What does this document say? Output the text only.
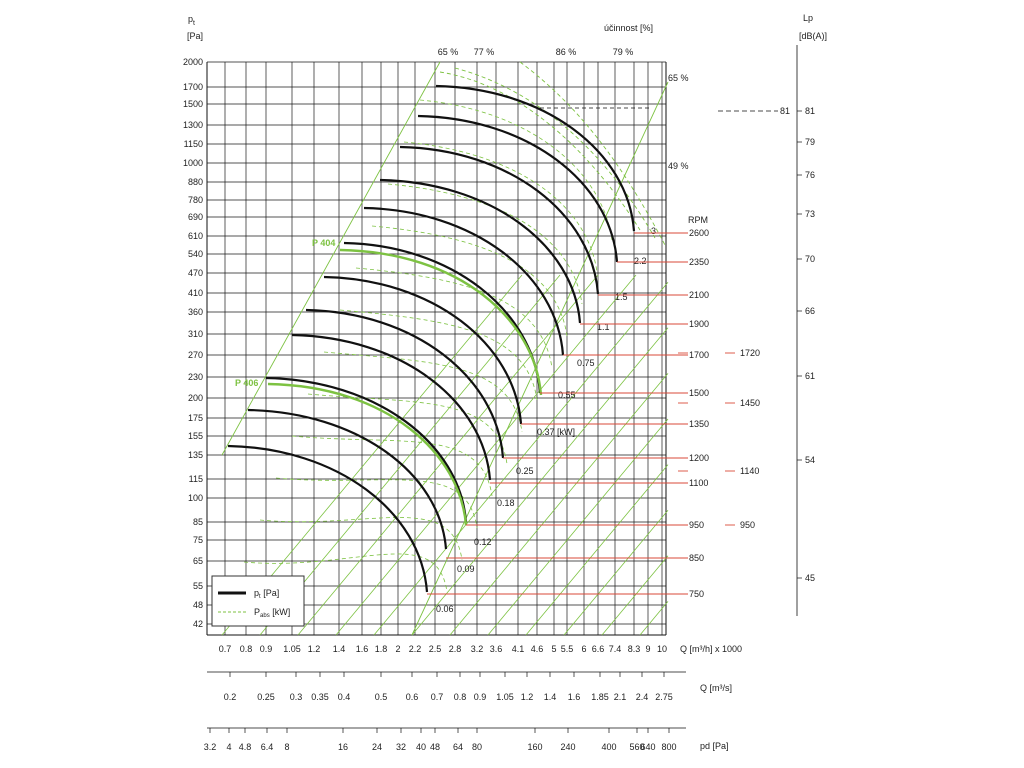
$p_t$
[Pa]
účinnost [%]
Lp
[dB(A)]
RPM
Q [m³/h] x 1000
Q [m³/s]
pd [Pa]
81
2000
1700
1500
1300
1150
1000
880
780
690
610
540
470
410
360
310
270
230
200
175
155
135
115
100
85
75
65
55
48
42
0.7 0.8 0.9 1.05 1.2 1.4 1.6 1.8 2 2.2 2.5 2.8 3.2 3.6 4.1 4.6 5 5.5 6 6.6 7.4 8.3 9 10
0.2 0.25 0.3 0.35 0.4	0.5 0.6 0.7 0.8 0.9 1.05 1.2 1.4 1.6 1.85 2.1 2.4 2.75
3.2 4 4.8 6.4 8	16	24 32 40 48 64 80	160 240	400 560
640 800
81
79
76
73
70
66
61
54
45
P 404
P 406
3
2.2
1.5
1.1
0.75
0.55
0.37 [kW]
0.25
0.18
0.12
0.09
0.06
2600
2350
2100
1900
1700
1500
1350
1200
1100
950
850
750
1720
1450
1140
950
65 % 77 %	86 %	79 %
65 %
49 %
$p_t$ [Pa]
$P_{abs}$ [kW]
